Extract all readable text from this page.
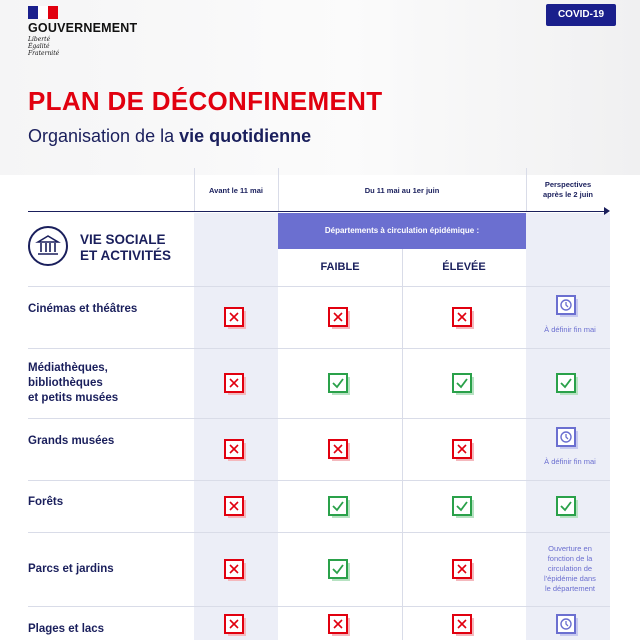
GOUVERNEMENT
Liberté
Égalité
Fraternité
COVID-19
PLAN DE DÉCONFINEMENT
Organisation de la vie quotidienne
Avant le 11 mai	Du 11 mai au 1er juin
Perspectives
après le 2 juin
Départements à circulation épidémique :
FAIBLE	ÉLEVÉE
VIE SOCIALE
ET ACTIVITÉS
Cinémas et théâtres
À définir fin mai
Médiathèques,
bibliothèques
et petits musées
Grands musées
À définir fin mai
Forêts
Parcs et jardins
Ouverture en
fonction de la
circulation de
l'épidémie dans
le département
Plages et lacs
